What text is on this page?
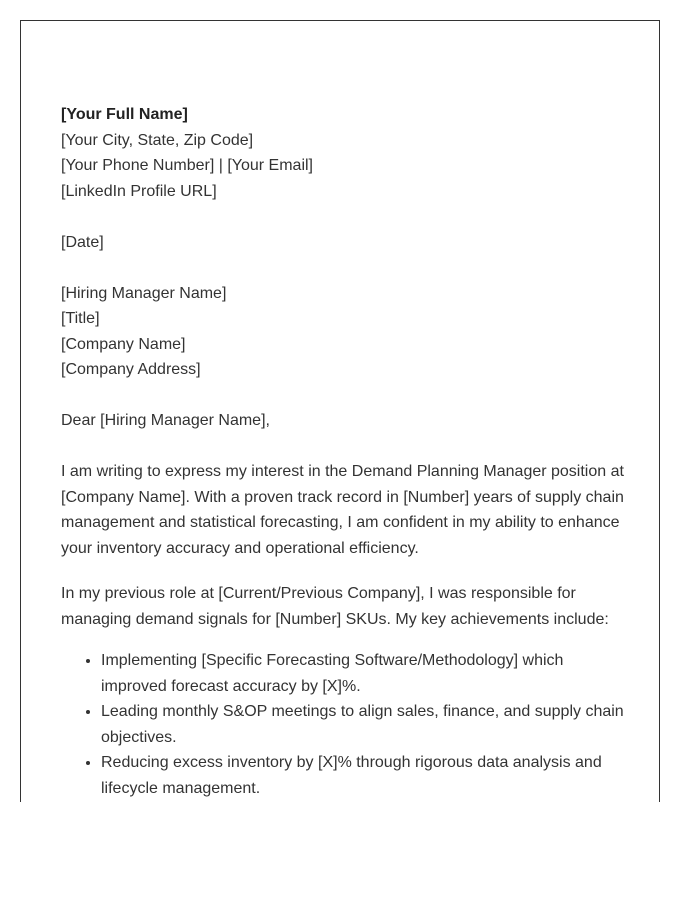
[Your Full Name]
[Your City, State, Zip Code]
[Your Phone Number] | [Your Email]
[LinkedIn Profile URL]
[Date]
[Hiring Manager Name]
[Title]
[Company Name]
[Company Address]
Dear [Hiring Manager Name],

I am writing to express my interest in the Demand Planning Manager position at [Company Name]. With a proven track record in [Number] years of supply chain management and statistical forecasting, I am confident in my ability to enhance your inventory accuracy and operational efficiency.

In my previous role at [Current/Previous Company], I was responsible for managing demand signals for [Number] SKUs. My key achievements include:

• Implementing [Specific Forecasting Software/Methodology] which improved forecast accuracy by [X]%.
• Leading monthly S&OP meetings to align sales, finance, and supply chain objectives.
• Reducing excess inventory by [X]% through rigorous data analysis and lifecycle management.
